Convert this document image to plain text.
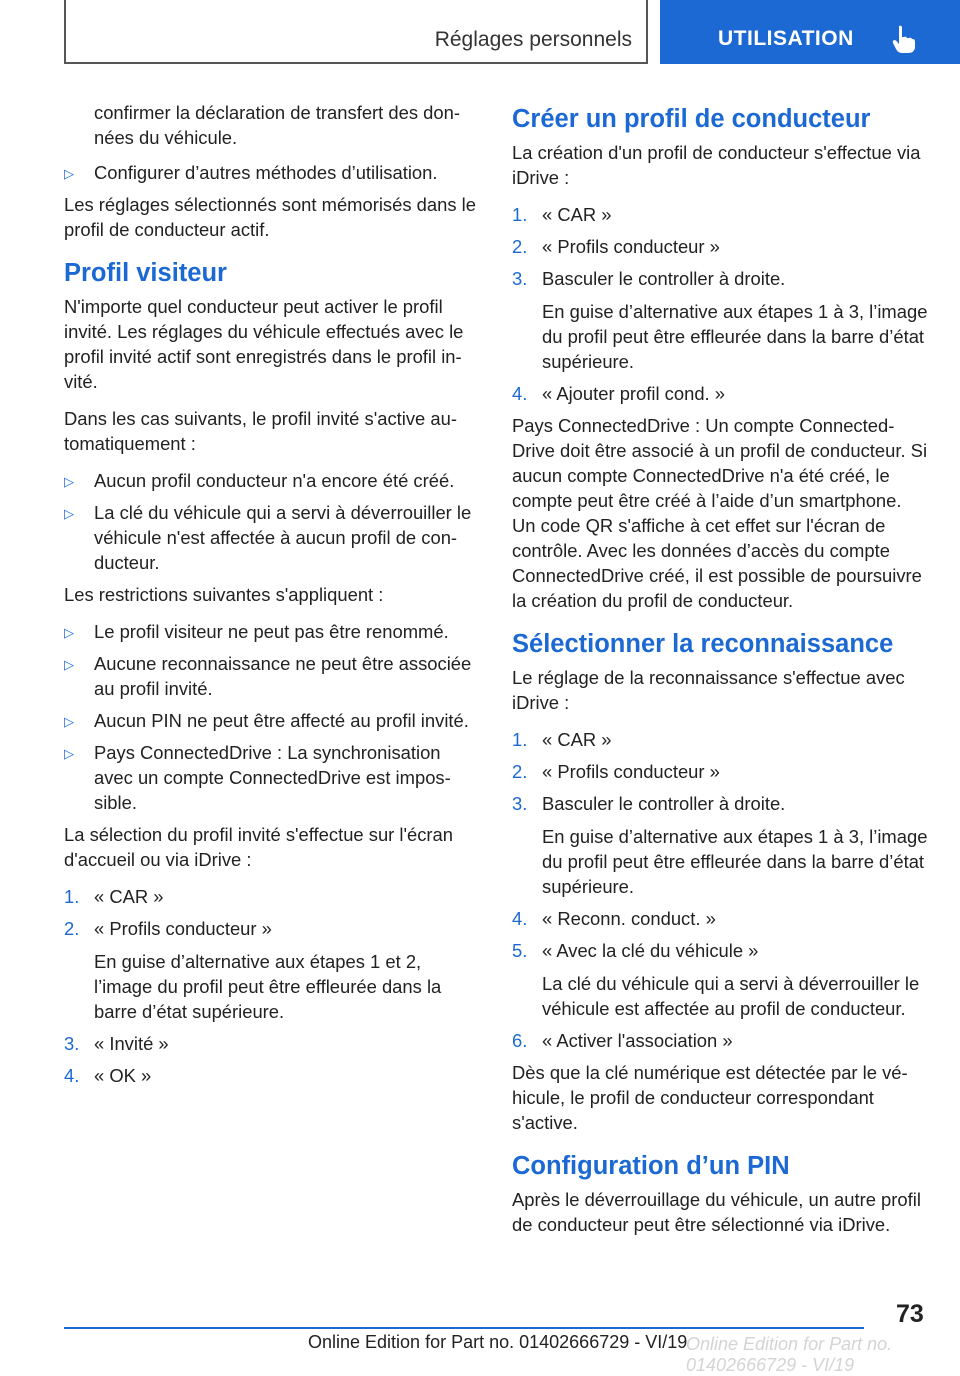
Réglages personnels	UTILISATION

confirmer la déclaration de transfert des données du véhicule.

▷ Configurer d’autres méthodes d’utilisation.

Les réglages sélectionnés sont mémorisés dans le profil de conducteur actif.

Profil visiteur

N'importe quel conducteur peut activer le profil invité. Les réglages du véhicule effectués avec le profil invité actif sont enregistrés dans le profil invité.

Dans les cas suivants, le profil invité s'active automatiquement :

▷ Aucun profil conducteur n'a encore été créé.
▷ La clé du véhicule qui a servi à déverrouiller le véhicule n'est affectée à aucun profil de conducteur.

Les restrictions suivantes s'appliquent :

▷ Le profil visiteur ne peut pas être renommé.
▷ Aucune reconnaissance ne peut être associée au profil invité.
▷ Aucun PIN ne peut être affecté au profil invité.
▷ Pays ConnectedDrive : La synchronisation avec un compte ConnectedDrive est impossible.

La sélection du profil invité s'effectue sur l'écran d'accueil ou via iDrive :

1. « CAR »
2. « Profils conducteur »
En guise d’alternative aux étapes 1 et 2, l’image du profil peut être effleurée dans la barre d’état supérieure.
3. « Invité »
4. « OK »
Créer un profil de conducteur

La création d'un profil de conducteur s'effectue via iDrive :

1. « CAR »
2. « Profils conducteur »
3. Basculer le controller à droite.
En guise d’alternative aux étapes 1 à 3, l’image du profil peut être effleurée dans la barre d’état supérieure.
4. « Ajouter profil cond. »

Pays ConnectedDrive : Un compte ConnectedDrive doit être associé à un profil de conducteur. Si aucun compte ConnectedDrive n'a été créé, le compte peut être créé à l’aide d’un smartphone. Un code QR s'affiche à cet effet sur l'écran de contrôle. Avec les données d’accès du compte ConnectedDrive créé, il est possible de poursuivre la création du profil de conducteur.

Sélectionner la reconnaissance

Le réglage de la reconnaissance s'effectue avec iDrive :

1. « CAR »
2. « Profils conducteur »
3. Basculer le controller à droite.
En guise d’alternative aux étapes 1 à 3, l’image du profil peut être effleurée dans la barre d’état supérieure.
4. « Reconn. conduct. »
5. « Avec la clé du véhicule »
La clé du véhicule qui a servi à déverrouiller le véhicule est affectée au profil de conducteur.
6. « Activer l'association »

Dès que la clé numérique est détectée par le véhicule, le profil de conducteur correspondant s'active.

Configuration d’un PIN

Après le déverrouillage du véhicule, un autre profil de conducteur peut être sélectionné via iDrive.

73
Online Edition for Part no. 01402666729 - VI/19
Online Edition for Part no. 01402666729 - VI/19
